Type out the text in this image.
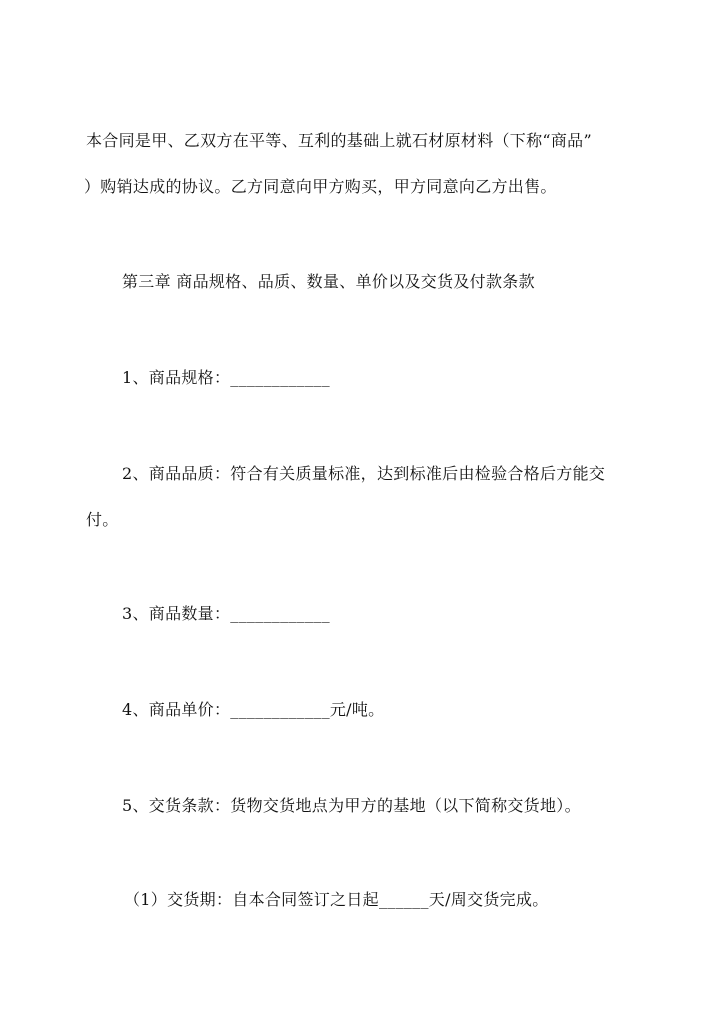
本合同是甲、乙双方在平等、互利的基础上就石材原材料（下称“商品”
）购销达成的协议。乙方同意向甲方购买，甲方同意向乙方出售。
第三章 商品规格、品质、数量、单价以及交货及付款条款
1、商品规格：____________
2、商品品质：符合有关质量标准，达到标准后由检验合格后方能交
付。
3、商品数量：____________
4、商品单价：____________元/吨。
5、交货条款：货物交货地点为甲方的基地（以下简称交货地）。
（1）交货期：自本合同签订之日起______天/周交货完成。
